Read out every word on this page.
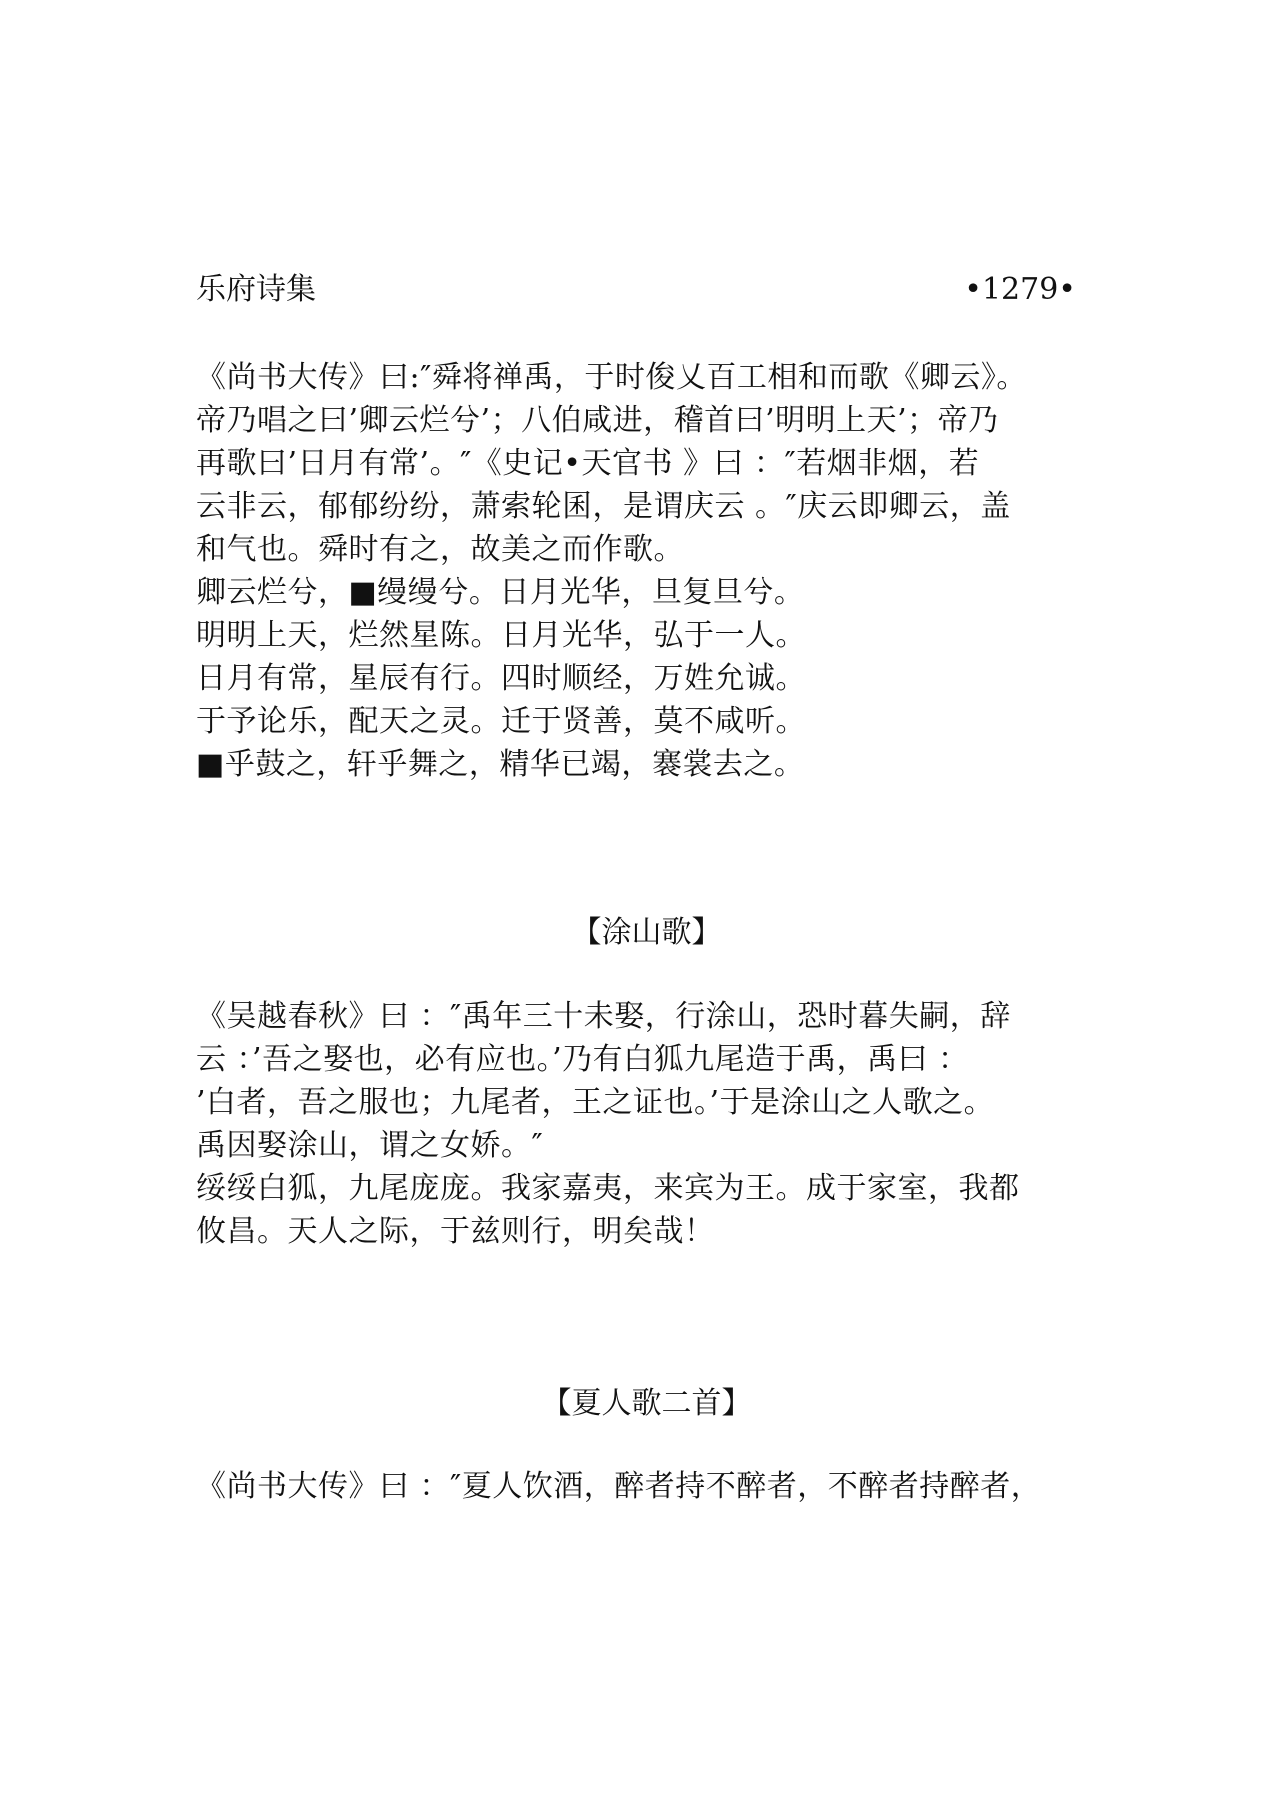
乐府诗集	•1279•
《尚书大传》曰:″舜将禅禹，于时俊乂百工相和而歌《卿云》。
帝乃唱之曰’卿云烂兮’；八伯咸进，稽首曰’明明上天’；帝乃
再歌曰’日月有常’。″《史记•天官书 》曰 ：″若烟非烟，若
云非云，郁郁纷纷，萧索轮囷，是谓庆云 。″庆云即卿云，盖
和气也。舜时有之，故美之而作歌。
卿云烂兮，■缦缦兮。日月光华，旦复旦兮。
明明上天，烂然星陈。日月光华，弘于一人。
日月有常，星辰有行。四时顺经，万姓允诚。
于予论乐，配天之灵。迁于贤善，莫不咸听。
■乎鼓之，轩乎舞之，精华已竭，褰裳去之。
【涂山歌】
《吴越春秋》曰 ：″禹年三十未娶，行涂山，恐时暮失嗣，辞
云 ：’吾之娶也，必有应也。’乃有白狐九尾造于禹，禹曰 ：
’白者，吾之服也；九尾者，王之证也。’于是涂山之人歌之。
禹因娶涂山，谓之女娇。″
绥绥白狐，九尾庞庞。我家嘉夷，来宾为王。成于家室，我都
攸昌。天人之际，于兹则行，明矣哉！
【夏人歌二首】
《尚书大传》曰 ：″夏人饮酒，醉者持不醉者，不醉者持醉者，
